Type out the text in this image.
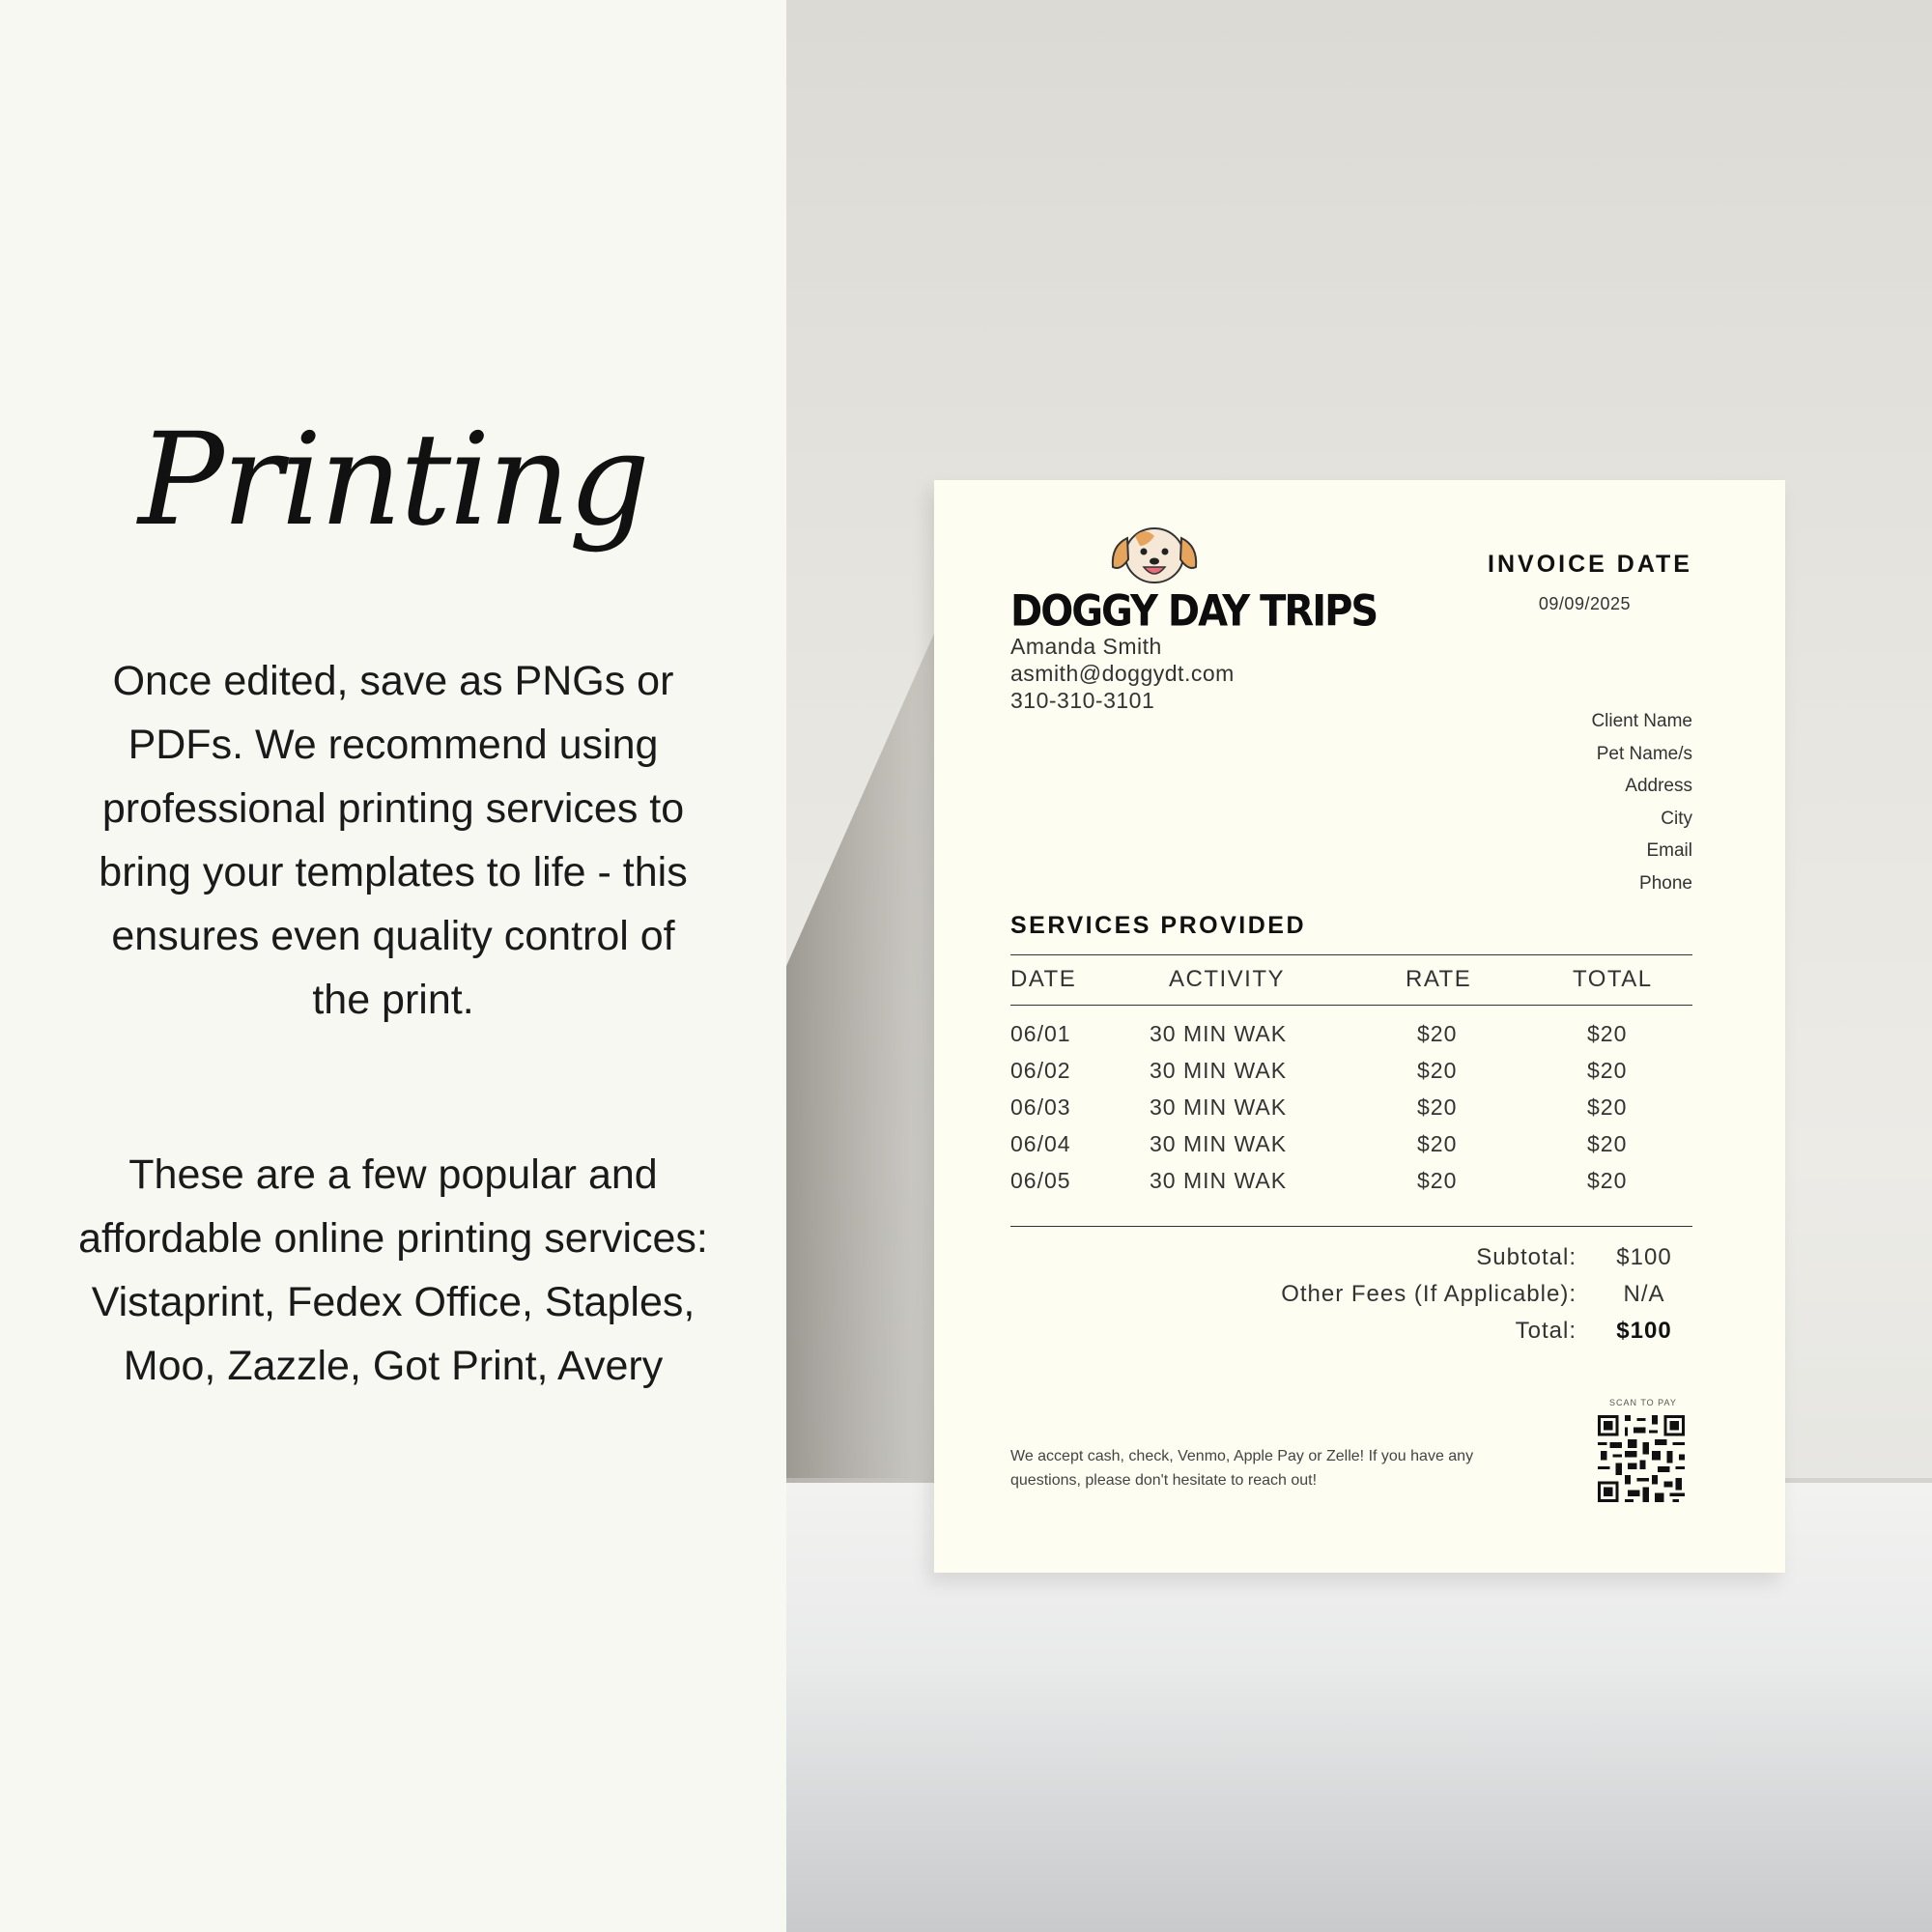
Printing

Once edited, save as PNGs or PDFs. We recommend using professional printing services to bring your templates to life - this ensures even quality control of the print.

These are a few popular and affordable online printing services:
Vistaprint, Fedex Office, Staples, Moo, Zazzle, Got Print, Avery
DOGGY DAY TRIPS
Amanda Smith
asmith@doggydt.com
310-310-3101
INVOICE DATE
09/09/2025
Client Name
Pet Name/s
Address
City
Email
Phone
SERVICES PROVIDED
DATE	ACTIVITY	RATE	TOTAL
06/01	30 MIN WAK	$20	$20
06/02	30 MIN WAK	$20	$20
06/03	30 MIN WAK	$20	$20
06/04	30 MIN WAK	$20	$20
06/05	30 MIN WAK	$20	$20
Subtotal:	$100
Other Fees (If Applicable):	N/A
Total:	$100
We accept cash, check, Venmo, Apple Pay or Zelle! If you have any questions, please don't hesitate to reach out!
SCAN TO PAY
